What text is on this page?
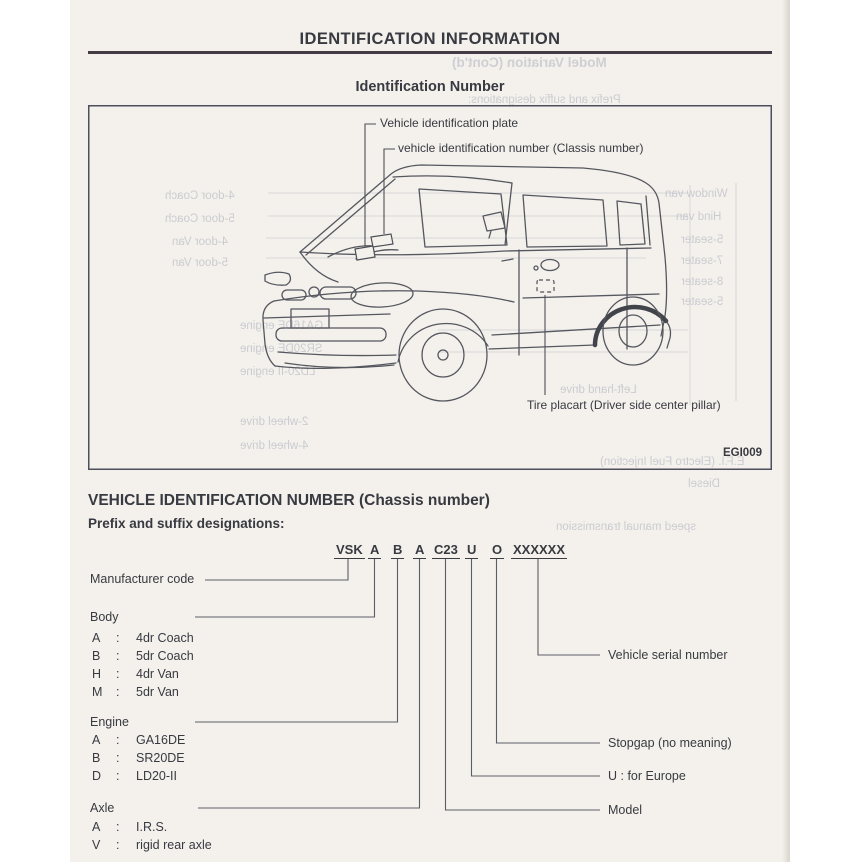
Model Variation (Cont'd)
Prefix and suffix designations:
4-door Coach
5-door Coach
4-door Van
5-door Van
Window van
Hind van
5-seater
7-seater
8-seater
5-seater
GA16DE engine
SR20DE engine
LD20-II engine
2-wheel drive
4-wheel drive
Left-hand drive
E.F.I. (Electro Fuel Injection)
Diesel
speed manual transmission
IDENTIFICATION INFORMATION
Identification Number
Vehicle identification plate
vehicle identification number (Classis number)
Tire placart (Driver side center pillar)
EGI009
VEHICLE IDENTIFICATION NUMBER (Chassis number)
Prefix and suffix designations:
VSK A B A C23 U O XXXXXX
Manufacturer code
Body
A : 4dr Coach
B : 5dr Coach
H : 4dr Van
M : 5dr Van
Engine
A : GA16DE
B : SR20DE
D : LD20-II
Axle
A : I.R.S.
V : rigid rear axle
Vehicle serial number
Stopgap (no meaning)
U : for Europe
Model
